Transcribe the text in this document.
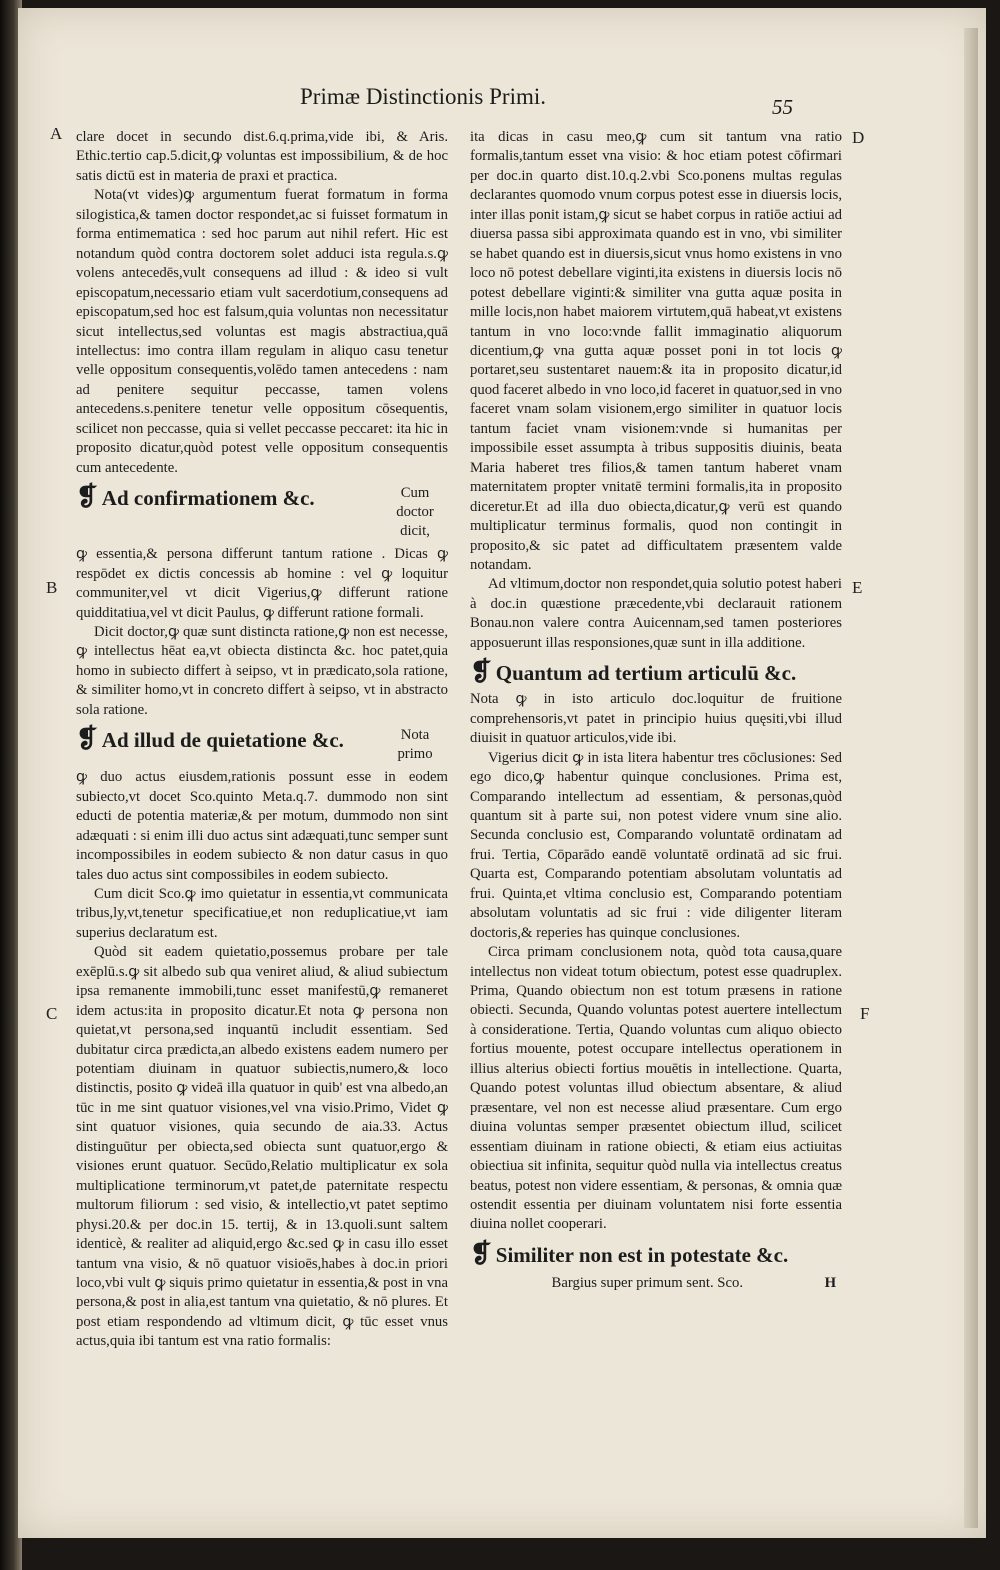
Primæ Distinctionis Primi.	55
A
B
C
D
E
F

clare docet in secundo dist.6.q.prima,vide ibi, & Aris. Ethic.tertio cap.5.dicit,ꝙ voluntas est impossibilium, & de hoc satis dictū est in materia de praxi et practica.

Nota(vt vides)ꝙ argumentum fuerat formatum in forma silogistica,& tamen doctor respondet,ac si fuisset formatum in forma entimematica : sed hoc parum aut nihil refert. Hic est notandum quòd contra doctorem solet adduci ista regula.s.ꝙ volens antecedēs,vult consequens ad illud : & ideo si vult episcopatum,necessario etiam vult sacerdotium,consequens ad episcopatum,sed hoc est falsum,quia voluntas non necessitatur sicut intellectus,sed voluntas est magis abstractiua,quā intellectus: imo contra illam regulam in aliquo casu tenetur velle oppositum consequentis,volēdo tamen antecedens : nam ad penitere sequitur peccasse, tamen volens antecedens.s.penitere tenetur velle oppositum cōsequentis, scilicet non peccasse, quia si vellet peccasse peccaret: ita hic in proposito dicatur,quòd potest velle oppositum consequentis cum antecedente.

❡ Ad confirmationem &c.	Cum doctor dicit,

ꝙ essentia,& persona differunt tantum ratione . Dicas ꝙ respōdet ex dictis concessis ab homine : vel ꝙ loquitur communiter,vel vt dicit Vigerius,ꝙ differunt ratione quidditatiua,vel vt dicit Paulus, ꝙ differunt ratione formali.

Dicit doctor,ꝙ quæ sunt distincta ratione,ꝙ non est necesse, ꝙ intellectus hēat ea,vt obiecta distincta &c. hoc patet,quia homo in subiecto differt à seipso, vt in prædicato,sola ratione, & similiter homo,vt in concreto differt à seipso, vt in abstracto sola ratione.

❡ Ad illud de quietatione &c.	Nota primo

ꝙ duo actus eiusdem,rationis possunt esse in eodem subiecto,vt docet Sco.quinto Meta.q.7. dummodo non sint educti de potentia materiæ,& per motum, dummodo non sint adæquati : si enim illi duo actus sint adæquati,tunc semper sunt incompossibiles in eodem subiecto & non datur casus in quo tales duo actus sint compossibiles in eodem subiecto.

Cum dicit Sco.ꝙ imo quietatur in essentia,vt communicata tribus,ly,vt,tenetur specificatiue,et non reduplicatiue,vt iam superius declaratum est.

Quòd sit eadem quietatio,possemus probare per tale exēplū.s.ꝙ sit albedo sub qua veniret aliud, & aliud subiectum ipsa remanente immobili,tunc esset manifestū,ꝙ remaneret idem actus:ita in proposito dicatur.Et nota ꝙ persona non quietat,vt persona,sed inquantū includit essentiam. Sed dubitatur circa prædicta,an albedo existens eadem numero per potentiam diuinam in quatuor subiectis,numero,& loco distinctis, posito ꝙ videā illa quatuor in quib' est vna albedo,an tūc in me sint quatuor visiones,vel vna visio.Primo, Videt ꝙ sint quatuor visiones, quia secundo de aia.33. Actus distinguūtur per obiecta,sed obiecta sunt quatuor,ergo & visiones erunt quatuor. Secūdo,Relatio multiplicatur ex sola multiplicatione terminorum,vt patet,de paternitate respectu multorum filiorum : sed visio, & intellectio,vt patet septimo physi.20.& per doc.in 15. tertij, & in 13.quoli.sunt saltem identicè, & realiter ad aliquid,ergo &c.sed ꝙ in casu illo esset tantum vna visio, & nō quatuor visioēs,habes à doc.in priori loco,vbi vult ꝙ siquis primo quietatur in essentia,& post in vna persona,& post in alia,est tantum vna quietatio, & nō plures. Et post etiam respondendo ad vltimum dicit, ꝙ tūc esset vnus actus,quia ibi tantum est vna ratio formalis:

ita dicas in casu meo,ꝙ cum sit tantum vna ratio formalis,tantum esset vna visio: & hoc etiam potest cōfirmari per doc.in quarto dist.10.q.2.vbi Sco.ponens multas regulas declarantes quomodo vnum corpus potest esse in diuersis locis, inter illas ponit istam,ꝙ sicut se habet corpus in ratiōe actiui ad diuersa passa sibi approximata quando est in vno, vbi similiter se habet quando est in diuersis,sicut vnus homo existens in vno loco nō potest debellare viginti,ita existens in diuersis locis nō potest debellare viginti:& similiter vna gutta aquæ posita in mille locis,non habet maiorem virtutem,quā habeat,vt existens tantum in vno loco:vnde fallit immaginatio aliquorum dicentium,ꝙ vna gutta aquæ posset poni in tot locis ꝙ portaret,seu sustentaret nauem:& ita in proposito dicatur,id quod faceret albedo in vno loco,id faceret in quatuor,sed in vno faceret vnam solam visionem,ergo similiter in quatuor locis tantum faciet vnam visionem:vnde si humanitas per impossibile esset assumpta à tribus suppositis diuinis, beata Maria haberet tres filios,& tamen tantum haberet vnam maternitatem propter vnitatē termini formalis,ita in proposito diceretur.Et ad illa duo obiecta,dicatur,ꝙ verū est quando multiplicatur terminus formalis, quod non contingit in proposito,& sic patet ad difficultatem præsentem valde notandam.

Ad vltimum,doctor non respondet,quia solutio potest haberi à doc.in quæstione præcedente,vbi declarauit rationem Bonau.non valere contra Auicennam,sed tamen posteriores apposuerunt illas responsiones,quæ sunt in illa additione.

❡ Quantum ad tertium articulū &c.

Nota ꝙ in isto articulo doc.loquitur de fruitione comprehensoris,vt patet in principio huius quęsiti,vbi illud diuisit in quatuor articulos,vide ibi.

Vigerius dicit ꝙ in ista litera habentur tres cōclusiones: Sed ego dico,ꝙ habentur quinque conclusiones. Prima est, Comparando intellectum ad essentiam, & personas,quòd quantum sit à parte sui, non potest videre vnum sine alio. Secunda conclusio est, Comparando voluntatē ordinatam ad frui. Tertia, Cōparādo eandē voluntatē ordinatā ad sic frui. Quarta est, Comparando potentiam absolutam voluntatis ad frui. Quinta,et vltima conclusio est, Comparando potentiam absolutam voluntatis ad sic frui : vide diligenter literam doctoris,& reperies has quinque conclusiones.

Circa primam conclusionem nota, quòd tota causa,quare intellectus non videat totum obiectum, potest esse quadruplex. Prima, Quando obiectum non est totum præsens in ratione obiecti. Secunda, Quando voluntas potest auertere intellectum à consideratione. Tertia, Quando voluntas cum aliquo obiecto fortius mouente, potest occupare intellectus operationem in illius alterius obiecti fortius mouētis in intellectione. Quarta, Quando potest voluntas illud obiectum absentare, & aliud præsentare, vel non est necesse aliud præsentare. Cum ergo diuina voluntas semper præsentet obiectum illud, scilicet essentiam diuinam in ratione obiecti, & etiam eius actiuitas obiectiua sit infinita, sequitur quòd nulla via intellectus creatus beatus, potest non videre essentiam, & personas, & omnia quæ ostendit essentia per diuinam voluntatem nisi forte essentia diuina nollet cooperari.

❡ Similiter non est in potestate &c.
Bargius super primum sent. Sco.	H
